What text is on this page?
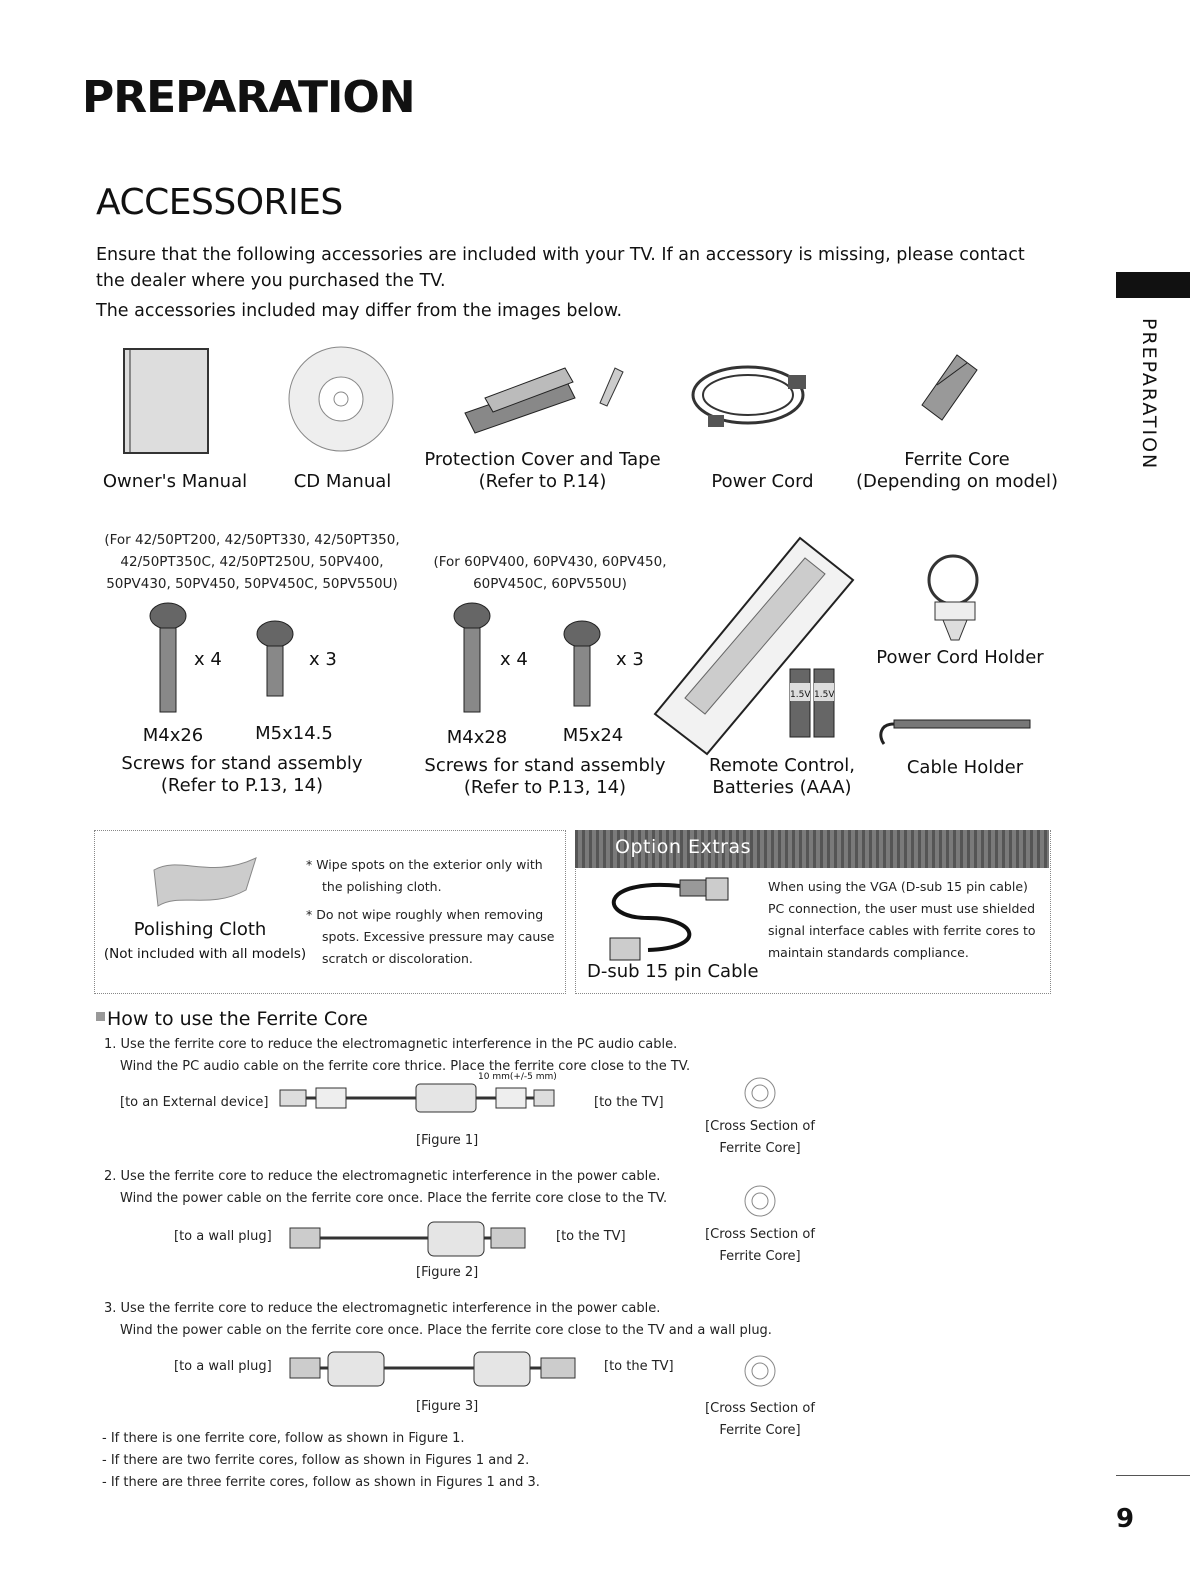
PREPARATION
ACCESSORIES
Ensure that the following accessories are included with your TV. If an accessory is missing, please contact the dealer where you purchased the TV.
The accessories included may differ from the images below.
PREPARATION
9
Owner's Manual	CD Manual
Protection Cover and Tape
(Refer to P.14)	Power Cord
Ferrite Core
(Depending on model)
(For 42/50PT200, 42/50PT330, 42/50PT350,
42/50PT350C, 42/50PT250U, 50PV400,
50PV430, 50PV450, 50PV450C, 50PV550U)
x 4	x 3
M4x26	M5x14.5
Screws for stand assembly
(Refer to P.13, 14)
(For 60PV400, 60PV430, 60PV450,
60PV450C, 60PV550U)
x 4	x 3
M4x28	M5x24
Screws for stand assembly
(Refer to P.13, 14)
1.5V 1.5V
Remote Control,
Batteries (AAA)
Power Cord Holder
Cable Holder
Polishing Cloth
(Not included with all models)
* Wipe spots on the exterior only with
the polishing cloth.
* Do not wipe roughly when removing
spots. Excessive pressure may cause
scratch or discoloration.
Option Extras
D-sub 15 pin Cable
When using the VGA (D-sub 15 pin cable)
PC connection, the user must use shielded
signal interface cables with ferrite cores to
maintain standards compliance.
How to use the Ferrite Core
1. Use the ferrite core to reduce the electromagnetic interference in the PC audio cable.
Wind the PC audio cable on the ferrite core thrice. Place the ferrite core close to the TV.
[to an External device]
10 mm(+/-5 mm)
[to the TV]
[Figure 1]
[Cross Section of
Ferrite Core]
2. Use the ferrite core to reduce the electromagnetic interference in the power cable.
Wind the power cable on the ferrite core once. Place the ferrite core close to the TV.
[to a wall plug]	[to the TV]
[Figure 2]
[Cross Section of
Ferrite Core]
3. Use the ferrite core to reduce the electromagnetic interference in the power cable.
Wind the power cable on the ferrite core once. Place the ferrite core close to the TV and a wall plug.
[to a wall plug]	[to the TV]
[Figure 3]	[Cross Section of
Ferrite Core]
- If there is one ferrite core, follow as shown in Figure 1.
- If there are two ferrite cores, follow as shown in Figures 1 and 2.
- If there are three ferrite cores, follow as shown in Figures 1 and 3.
